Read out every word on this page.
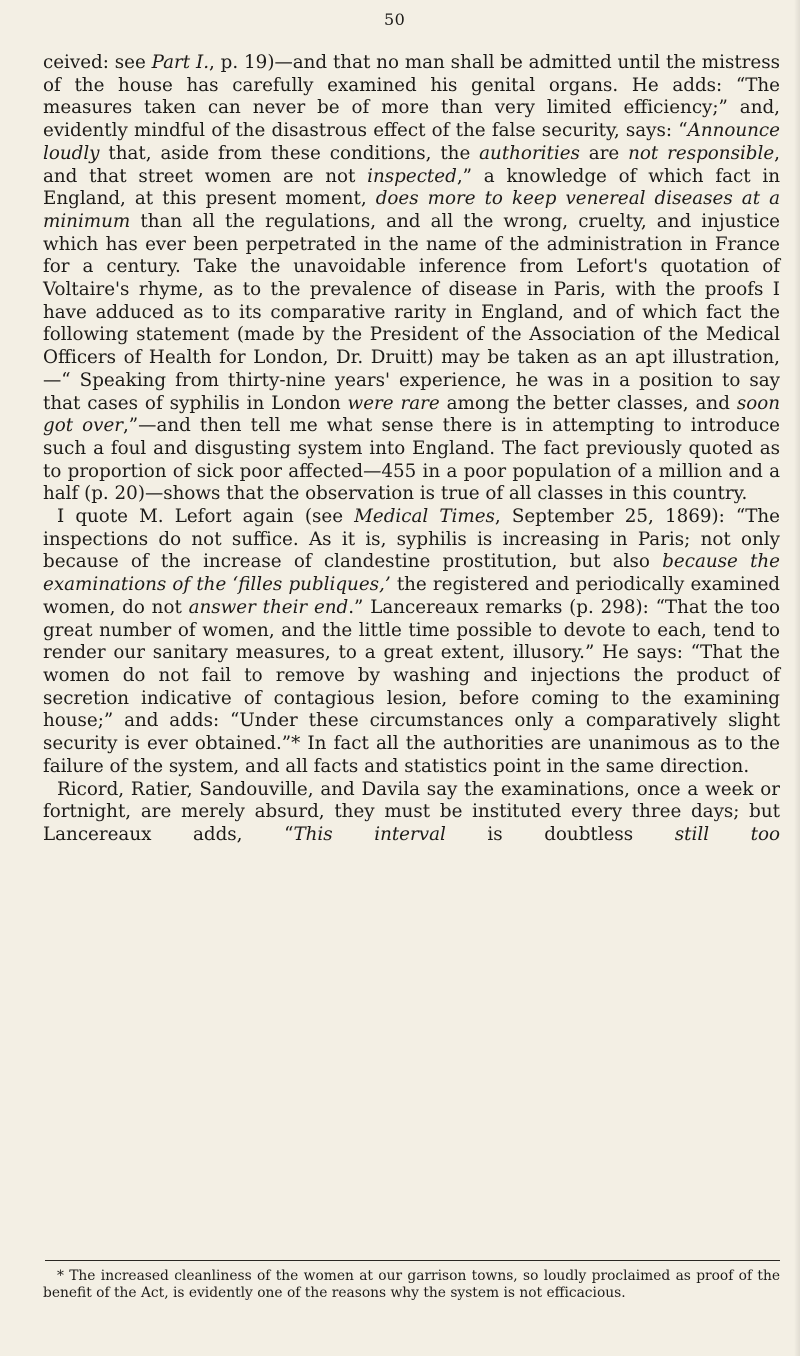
50

ceived: see Part I., p. 19)—and that no man shall be admitted until the mistress of the house has carefully examined his genital organs. He adds: “The measures taken can never be of more than very limited efficiency;” and, evidently mindful of the disastrous effect of the false security, says: “Announce loudly that, aside from these conditions, the authorities are not responsible, and that street women are not inspected,” a knowledge of which fact in England, at this present moment, does more to keep venereal diseases at a minimum than all the regulations, and all the wrong, cruelty, and injustice which has ever been perpetrated in the name of the administration in France for a century. Take the unavoidable inference from Lefort's quotation of Voltaire's rhyme, as to the prevalence of disease in Paris, with the proofs I have adduced as to its comparative rarity in England, and of which fact the following statement (made by the President of the Association of the Medical Officers of Health for London, Dr. Druitt) may be taken as an apt illustration,—“ Speaking from thirty-nine years' experience, he was in a position to say that cases of syphilis in London were rare among the better classes, and soon got over,”—and then tell me what sense there is in attempting to introduce such a foul and disgusting system into England. The fact previously quoted as to proportion of sick poor affected—455 in a poor population of a million and a half (p. 20)—shows that the observation is true of all classes in this country.

I quote M. Lefort again (see Medical Times, September 25, 1869): “The inspections do not suffice. As it is, syphilis is increasing in Paris; not only because of the increase of clandestine prostitution, but also because the examinations of the ‘filles publiques,’ the registered and periodically examined women, do not answer their end.” Lancereaux remarks (p. 298): “That the too great number of women, and the little time possible to devote to each, tend to render our sanitary measures, to a great extent, illusory.” He says: “That the women do not fail to remove by washing and injections the product of secretion indicative of contagious lesion, before coming to the examining house;” and adds: “Under these circumstances only a comparatively slight security is ever obtained.”* In fact all the authorities are unanimous as to the failure of the system, and all facts and statistics point in the same direction.

Ricord, Ratier, Sandouville, and Davila say the examinations, once a week or fortnight, are merely absurd, they must be instituted every three days; but Lancereaux adds, “This interval is doubtless still too

* The increased cleanliness of the women at our garrison towns, so loudly proclaimed as proof of the benefit of the Act, is evidently one of the reasons why the system is not efficacious.
